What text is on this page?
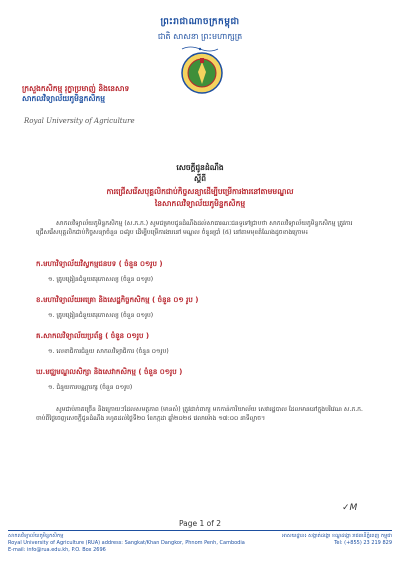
ព្រះរាជាណាចក្រកម្ពុជា
ជាតិ សាសនា ព្រះមហាក្សត្រ
ក្រសួងកសិកម្ម រុក្ខាប្រមាញ់ និងនេសាទ
សាកលវិទ្យាល័យភូមិន្ទកសិកម្ម
Royal University of Agriculture
សេចក្តីជូនដំណឹង
ស្តីពី
ការជ្រើសរើសបុគ្គលិកជាប់កិច្ចសន្យាដើម្បីបម្រើការងារនៅតាមមណ្ឌល
នៃសាកលវិទ្យាល័យភូមិន្ទកសិកម្ម
សាកលវិទ្យាល័យភូមិន្ទកសិកម្ម (ស.ភ.ក.) សូមជម្រាបជូនដំណឹងដល់សាធារណៈជនទូទៅជ្រាបថា សាកលវិទ្យាល័យភូមិន្ទកសិកម្ម ត្រូវការជ្រើសរើសបុគ្គលិកជាប់កិច្ចសន្យាចំនួន ០៨រូប ដើម្បីបម្រើការងារនៅ មណ្ឌល ចំនួនប្រាំ (៥) នៅតាមមុខតំណែងដូចខាងក្រោម៖
ក.មហាវិទ្យាល័យវិស្វកម្មជនបទ ( ចំនួន ០១រូប )
១. គ្រូបង្រៀនជំនួយគរុកោសល្យ (ចំនួន ០១រូប)
ខ.មហាវិទ្យាល័យអគ្រោ និងសេដ្ឋកិច្ចកសិកម្ម ( ចំនួន ០១ រូប )
១. គ្រូបង្រៀនជំនួយគរុកោសល្យ (ចំនួន ០១រូប)
គ.សាកលវិទ្យាល័យប្រព័ន្ធ ( ចំនួន ០១រូប )
១. លេខាធិការជំនួយ សាកលវិទ្យាធិការ (ចំនួន ០១រូប)
ឃ.មជ្ឈមណ្ឌលសិក្សា និងសេវាកសិកម្ម ( ចំនួន ០១រូប )
១. ជំនួយការបណ្ណារក្ស (ចំនួន ០១រូប)
សូមជាប់ភាគច្រើន និងក្រោយៗដែលសមត្ថភាព (មានសំ) ត្រូវដាក់ពាក្យ មកកាន់ការិយាល័យ សេវារដ្ឋបាល ដែលមាននៅក្នុងបរិវេណ ស.ភ.ក. ចាប់ពីថ្ងៃចេញសេចក្តីជូនដំណឹង រហូតដល់ថ្ងៃទី២០ ខែកក្កដា ឆ្នាំ២០២៥ វេលាម៉ោង ១៧:០០ នាទីល្ងាច។
✓M
Page 1 of 2
សាកលវិទ្យាល័យភូមិន្ទកសិកម្ម	អាសយដ្ឋាន៖ សង្កាត់ដង្កោ ខណ្ឌដង្កោ រាជធានីភ្នំពេញ កម្ពុជា
Royal University of Agriculture (RUA) address: Sangkat/Khan Dangkor, Phnom Penh, Cambodia	Tel: (+855) 23 219 829
E-mail: info@rua.edu.kh, P.O. Box 2696
